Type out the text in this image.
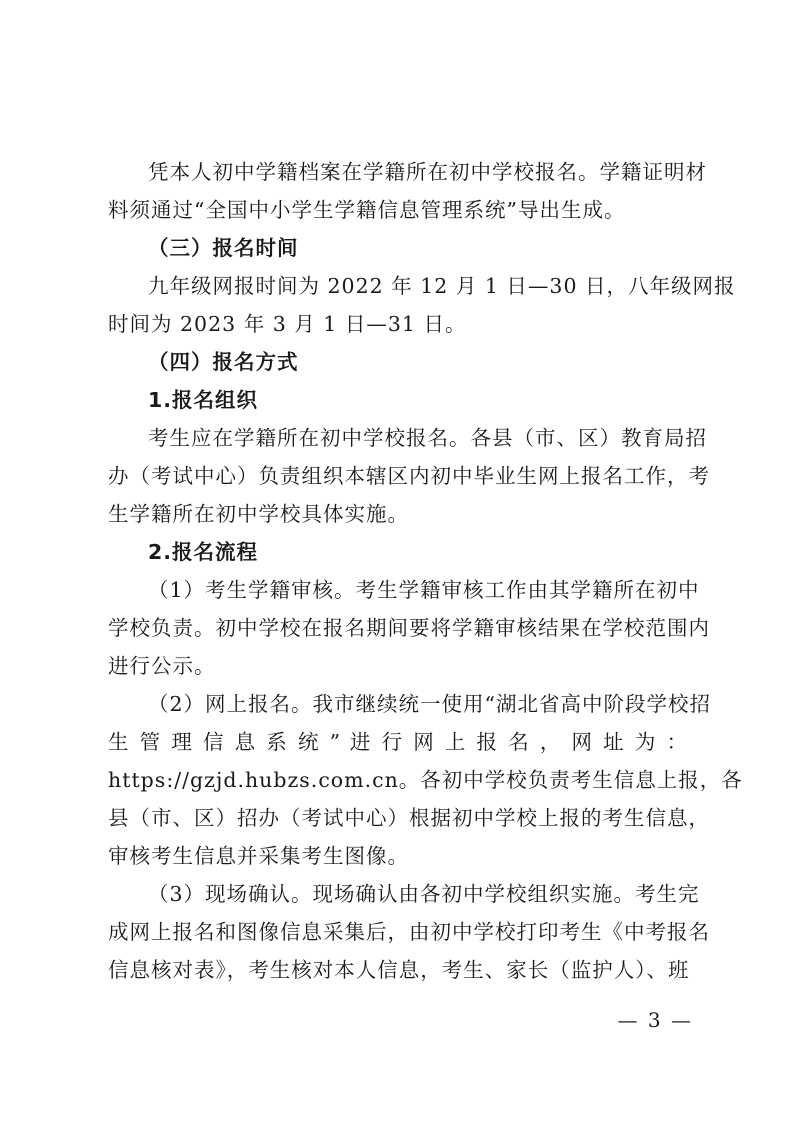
凭本人初中学籍档案在学籍所在初中学校报名。学籍证明材
料须通过“全国中小学生学籍信息管理系统”导出生成。
（三）报名时间
九年级网报时间为 2022 年 12 月 1 日—30 日，八年级网报
时间为 2023 年 3 月 1 日—31 日。
（四）报名方式
1.报名组织
考生应在学籍所在初中学校报名。各县（市、区）教育局招
办（考试中心）负责组织本辖区内初中毕业生网上报名工作，考
生学籍所在初中学校具体实施。
2.报名流程
（1）考生学籍审核。考生学籍审核工作由其学籍所在初中
学校负责。初中学校在报名期间要将学籍审核结果在学校范围内
进行公示。
（2）网上报名。我市继续统一使用“湖北省高中阶段学校招
生 管 理 信 息 系 统 ” 进 行 网 上 报 名 ， 网 址 为 ：
https://gzjd.hubzs.com.cn。各初中学校负责考生信息上报，各
县（市、区）招办（考试中心）根据初中学校上报的考生信息，
审核考生信息并采集考生图像。
（3）现场确认。现场确认由各初中学校组织实施。考生完
成网上报名和图像信息采集后，由初中学校打印考生《中考报名
信息核对表》，考生核对本人信息，考生、家长（监护人）、班
— 3 —
